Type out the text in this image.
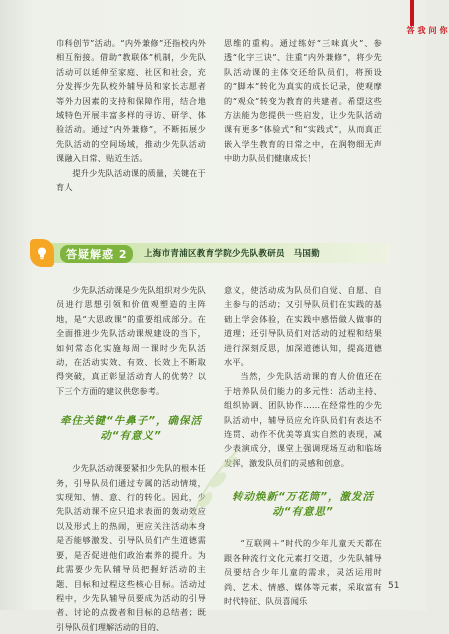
你问我答

巾科创节”活动。“内外兼修”还指校内外相互衔接。借助“教联体”机制，少先队活动可以延伸至家庭、社区和社会，充分发挥少先队校外辅导员和家长志愿者等外力因素的支持和保障作用，结合地域特色开展丰富多样的寻访、研学、体验活动。通过“内外兼修”，不断拓展少先队活动的空间场域，推动少先队活动课融入日常、贴近生活。

提升少先队活动课的质量，关键在于育人

思维的重构。通过练好“三味真火”、参透“化字三诀”、注重“内外兼修”，将少先队活动课的主体交还给队员们，将预设的“脚本”转化为真实的成长记录，使观摩的“观众”转变为教育的共建者。希望这些方法能为您提供一些启发，让少先队活动课有更多“体验式”和“实践式”，从而真正嵌入学生教育的日常之中，在润物细无声中助力队员们健康成长！

答疑解惑 2	上海市青浦区教育学院少先队教研员　马国勤

少先队活动课是少先队组织对少先队员进行思想引领和价值观塑造的主阵地，是“大思政课”的重要组成部分。在全面推进少先队活动课规建设的当下，如何常态化实施每周一课时少先队活动，在活动实效、有效、长效上不断取得突破，真正彰显活动育人的优势？以下三个方面的建议供您参考。

牵住关键“牛鼻子”，确保活动“有意义”

少先队活动课要紧扣少先队的根本任务，引导队员们通过专属的活动情境，实现知、情、意、行的转化。因此，少先队活动课不应只追求表面的轰动效应以及形式上的热闹，更应关注活动本身是否能够激发、引导队员们产生道德需要，是否促进他们政治素养的提升。为此需要少先队辅导员把握好活动的主题、目标和过程这些核心目标。活动过程中，少先队辅导员要成为活动的引导者、讨论的点拨者和目标的总结者；既引导队员们理解活动的目的、

意义，使活动成为队员们自觉、自愿、自主参与的活动；又引导队员们在实践的基础上学会体验，在实践中感悟做人做事的道理；还引导队员们对活动的过程和结果进行深刻反思，加深道德认知，提高道德水平。

当然，少先队活动课的育人价值还在于培养队员们能力的多元性：活动主持、组织协调、团队协作……在经常性的少先队活动中，辅导员应允许队员们有表达不连贯、动作不优美等真实自然的表现，减少表演成分，课堂上强调现场互动和临场发挥，激发队员们的灵感和创意。

转动焕新“万花筒”，激发活动“有意思”

“互联网＋”时代的少年儿童天天都在跟各种流行文化元素打交道，少先队辅导员要结合少年儿童的需求，灵活运用时尚、艺术、情感、媒体等元素，采取富有时代特征、队员喜闻乐

51
